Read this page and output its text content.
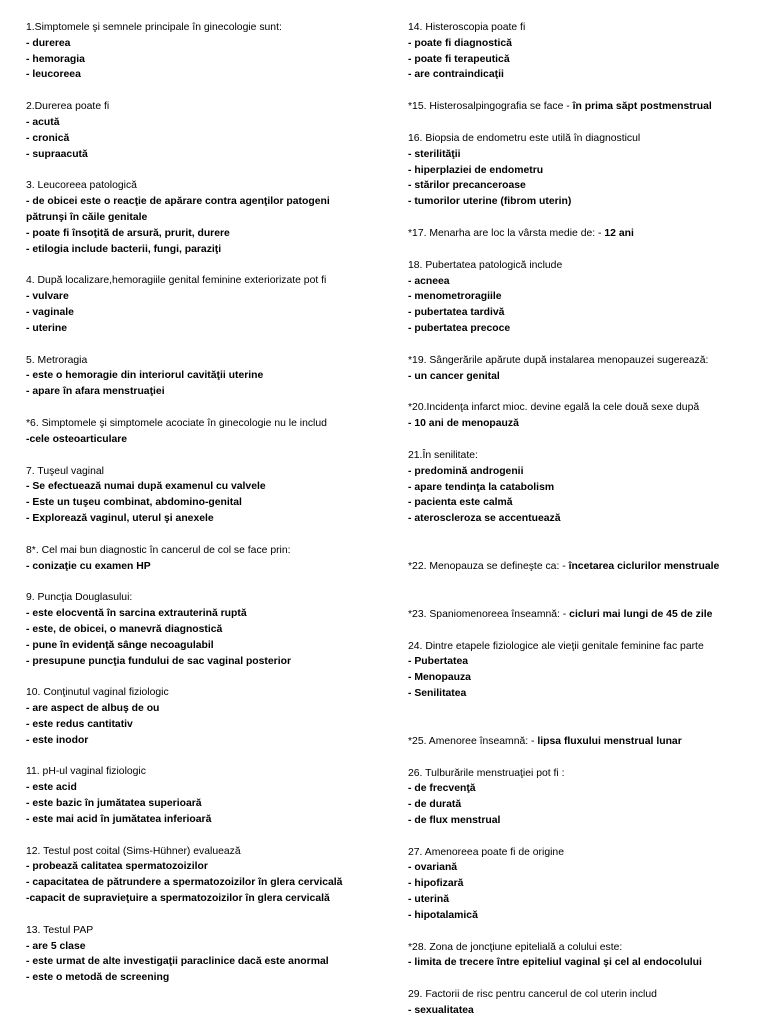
1.Simptomele şi semnele principale în ginecologie sunt:
- durerea
- hemoragia
- leucoreea
2.Durerea poate fi
- acută
- cronică
- supraacută
3. Leucoreea patologică
- de obicei este o reacţie de apărare contra agenţilor patogeni
pătrunşi în căile genitale
- poate fi însoţită de arsură, prurit, durere
- etilogia include bacterii, fungi, paraziţi
4. După localizare,hemoragiile genital feminine exteriorizate pot fi
- vulvare
- vaginale
- uterine
5. Metroragia
- este o hemoragie din interiorul cavităţii uterine
- apare în afara menstruaţiei
*6. Simptomele şi simptomele acociate în ginecologie nu le includ
-cele osteoarticulare
7. Tuşeul vaginal
- Se efectuează numai după examenul cu valvele
- Este un tuşeu combinat, abdomino-genital
- Explorează vaginul, uterul şi anexele
8*. Cel mai bun diagnostic în cancerul de col se face prin:
- conizaţie cu examen HP
9. Puncţia Douglasului:
- este elocventă în sarcina extrauterină ruptă
- este, de obicei, o manevră diagnostică
- pune în evidenţă sânge necoagulabil
- presupune puncţia fundului de sac vaginal posterior
10. Conţinutul vaginal fiziologic
- are aspect de albuş de ou
- este redus cantitativ
- este inodor
11. pH-ul vaginal fiziologic
- este acid
- este bazic în jumătatea superioară
- este mai acid în jumătatea inferioară
12. Testul post coital (Sims-Hühner) evaluează
- probează calitatea spermatozoizilor
- capacitatea de pătrundere a spermatozoizilor în glera cervicală
-capacit de supravieţuire a spermatozoizilor în glera cervicală
13. Testul PAP
- are 5 clase
- este urmat de alte investigaţii paraclinice dacă este anormal
- este o metodă de screening
14. Histeroscopia poate fi
- poate fi diagnostică
- poate fi terapeutică
- are contraindicaţii
*15. Histerosalpingografia se face - în prima săpt postmenstrual
16. Biopsia de endometru este utilă în diagnosticul
- sterilităţii
- hiperplaziei de endometru
- stărilor precanceroase
- tumorilor uterine (fibrom uterin)
*17. Menarha are loc la vârsta medie de: - 12 ani
18. Pubertatea patologică include
- acneea
- menometroragiile
- pubertatea tardivă
- pubertatea precoce
*19. Sângerările apărute după instalarea menopauzei sugerează:
- un cancer genital
*20.Incidenţa infarct mioc. devine egală la cele două sexe după
- 10 ani de menopauză
21.În senilitate:
- predomină androgenii
- apare tendinţa la catabolism
- pacienta este calmă
- ateroscleroza se accentuează
*22. Menopauza se defineşte ca: - încetarea ciclurilor menstruale
*23. Spaniomenoreea înseamnă: - cicluri mai lungi de 45 de zile
24. Dintre etapele fiziologice ale vieţii genitale feminine fac parte
- Pubertatea
- Menopauza
- Senilitatea
*25. Amenoree înseamnă: - lipsa fluxului menstrual lunar
26. Tulburările menstruaţiei pot fi :
- de frecvenţă
- de durată
- de flux menstrual
27. Amenoreea poate fi de origine
- ovariană
- hipofizară
- uterină
- hipotalamică
*28. Zona de joncţiune epitelială a colului este:
- limita de trecere între epiteliul vaginal şi cel al endocolului
29. Factorii de risc pentru cancerul de col uterin includ
- sexualitatea
